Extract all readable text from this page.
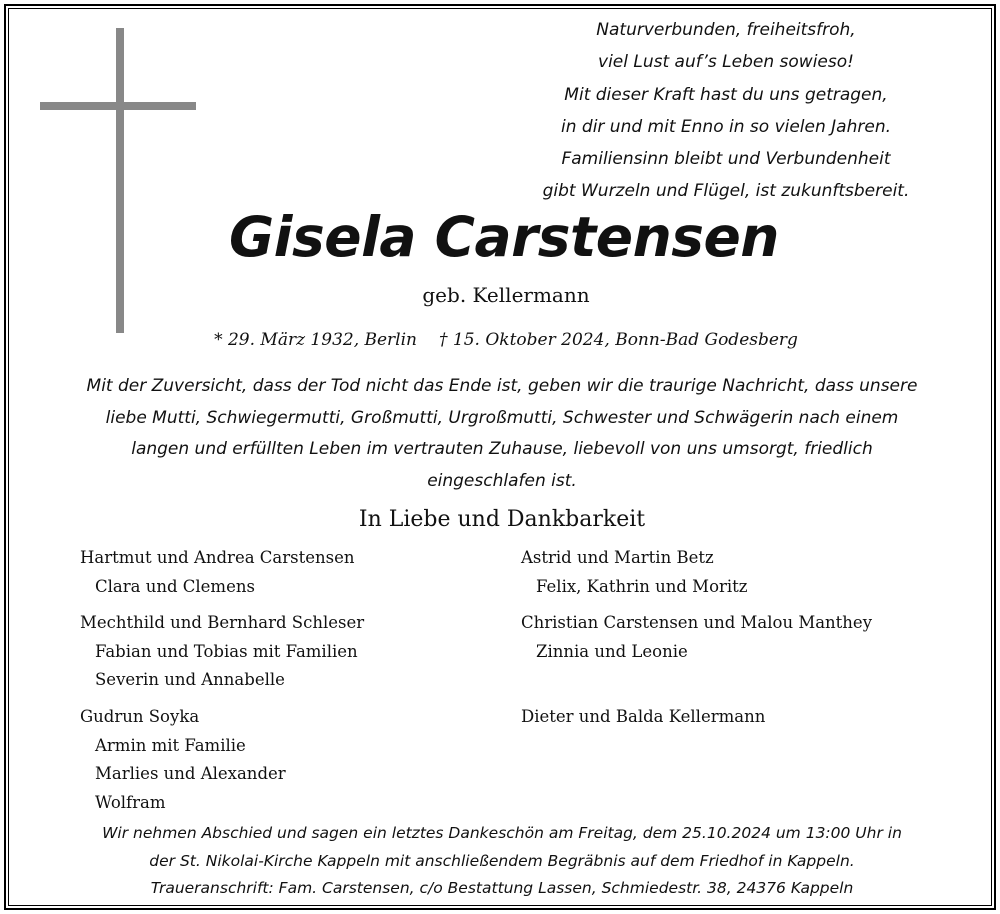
Naturverbunden, freiheitsfroh,
viel Lust auf’s Leben sowieso!
Mit dieser Kraft hast du uns getragen,
in dir und mit Enno in so vielen Jahren.
Familiensinn bleibt und Verbundenheit
gibt Wurzeln und Flügel, ist zukunftsbereit.
Gisela Carstensen
geb. Kellermann
* 29. März 1932, Berlin † 15. Oktober 2024, Bonn-Bad Godesberg
Mit der Zuversicht, dass der Tod nicht das Ende ist, geben wir die traurige Nachricht, dass unsere
liebe Mutti, Schwiegermutti, Großmutti, Urgroßmutti, Schwester und Schwägerin nach einem
langen und erfüllten Leben im vertrauten Zuhause, liebevoll von uns umsorgt, friedlich
eingeschlafen ist.
In Liebe und Dankbarkeit
Hartmut und Andrea Carstensen
Clara und Clemens
Mechthild und Bernhard Schleser
Fabian und Tobias mit Familien
Severin und Annabelle
Gudrun Soyka
Armin mit Familie
Marlies und Alexander
Wolfram
Astrid und Martin Betz
Felix, Kathrin und Moritz
Christian Carstensen und Malou Manthey
Zinnia und Leonie
Dieter und Balda Kellermann
Wir nehmen Abschied und sagen ein letztes Dankeschön am Freitag, dem 25.10.2024 um 13:00 Uhr in
der St. Nikolai-Kirche Kappeln mit anschließendem Begräbnis auf dem Friedhof in Kappeln.
Traueranschrift: Fam. Carstensen, c/o Bestattung Lassen, Schmiedestr. 38, 24376 Kappeln
